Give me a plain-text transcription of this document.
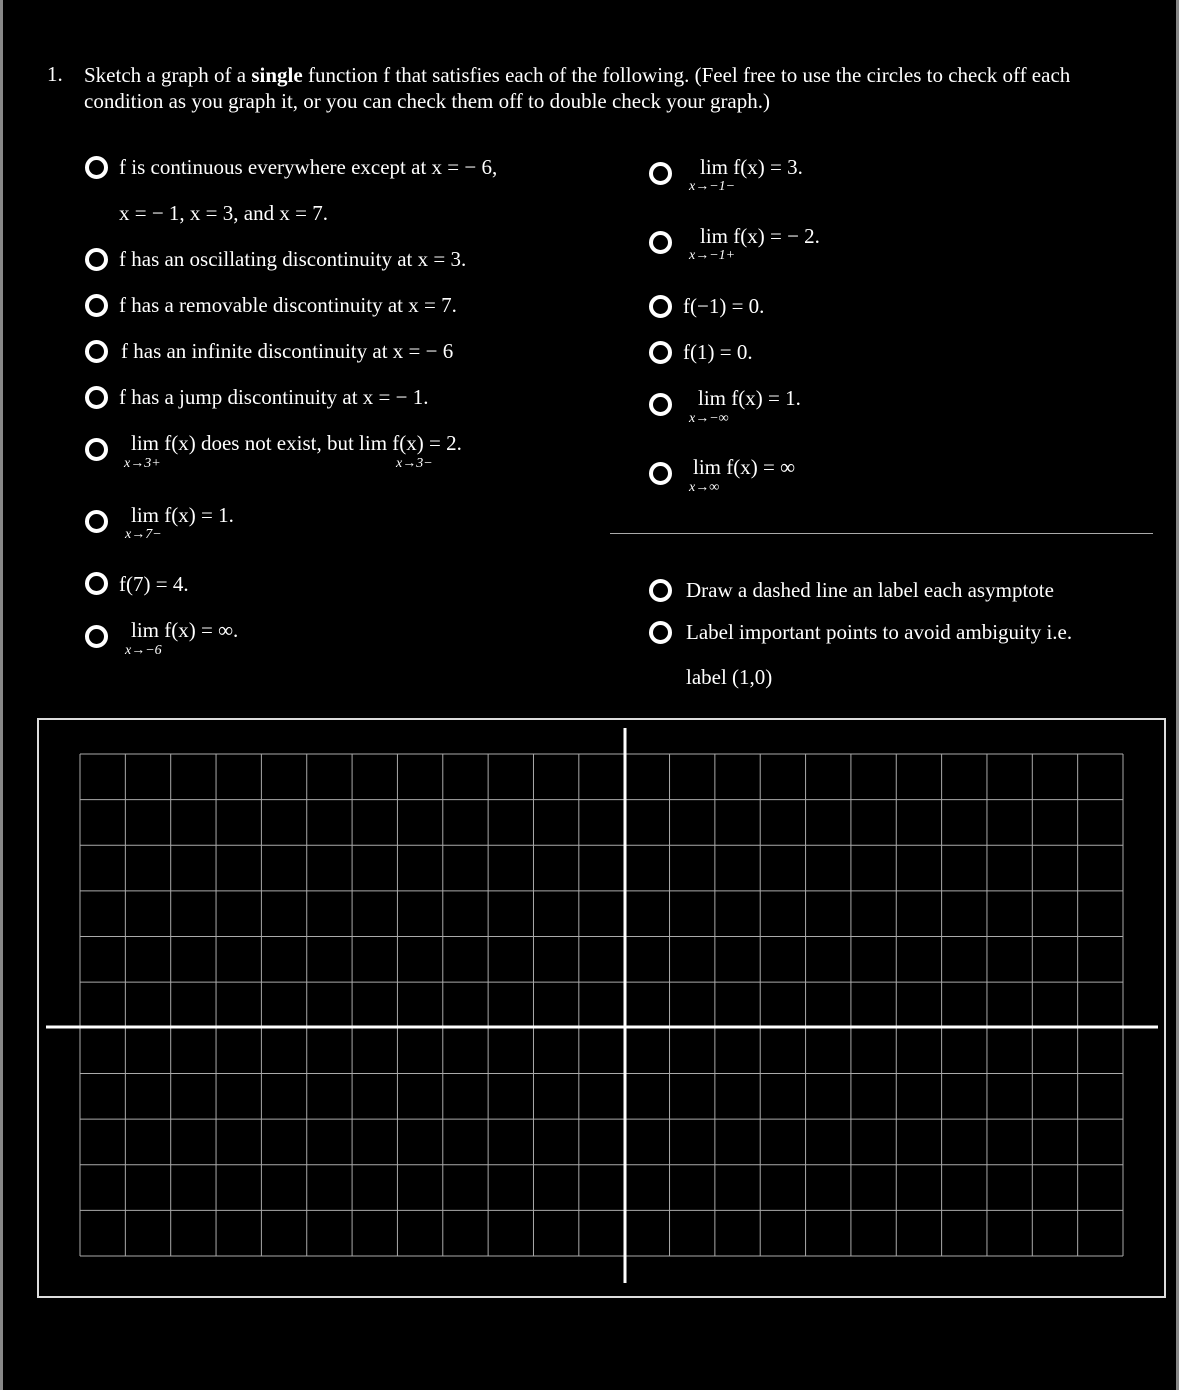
1. Sketch a graph of a single function f that satisfies each of the following. (Feel free to use the circles to check off each condition as you graph it, or you can check them off to double check your graph.)
f is continuous everywhere except at x = − 6,
x = − 1, x = 3, and x = 7.
f has an oscillating discontinuity at x = 3.
f has a removable discontinuity at x = 7.
f has an infinite discontinuity at x = − 6
f has a jump discontinuity at x = − 1.
lim f(x) does not exist, but lim f(x) = 2.
x→3+	x→3−
lim f(x) = 1.
x→7−
f(7) = 4.
lim f(x) = ∞.
x→−6
lim f(x) = 3.
x→−1−
lim f(x) = − 2.
x→−1+
f(−1) = 0.
f(1) = 0.
lim f(x) = 1.
x→−∞
lim f(x) = ∞
x→∞
Draw a dashed line an label each asymptote
Label important points to avoid ambiguity i.e.
label (1,0)
